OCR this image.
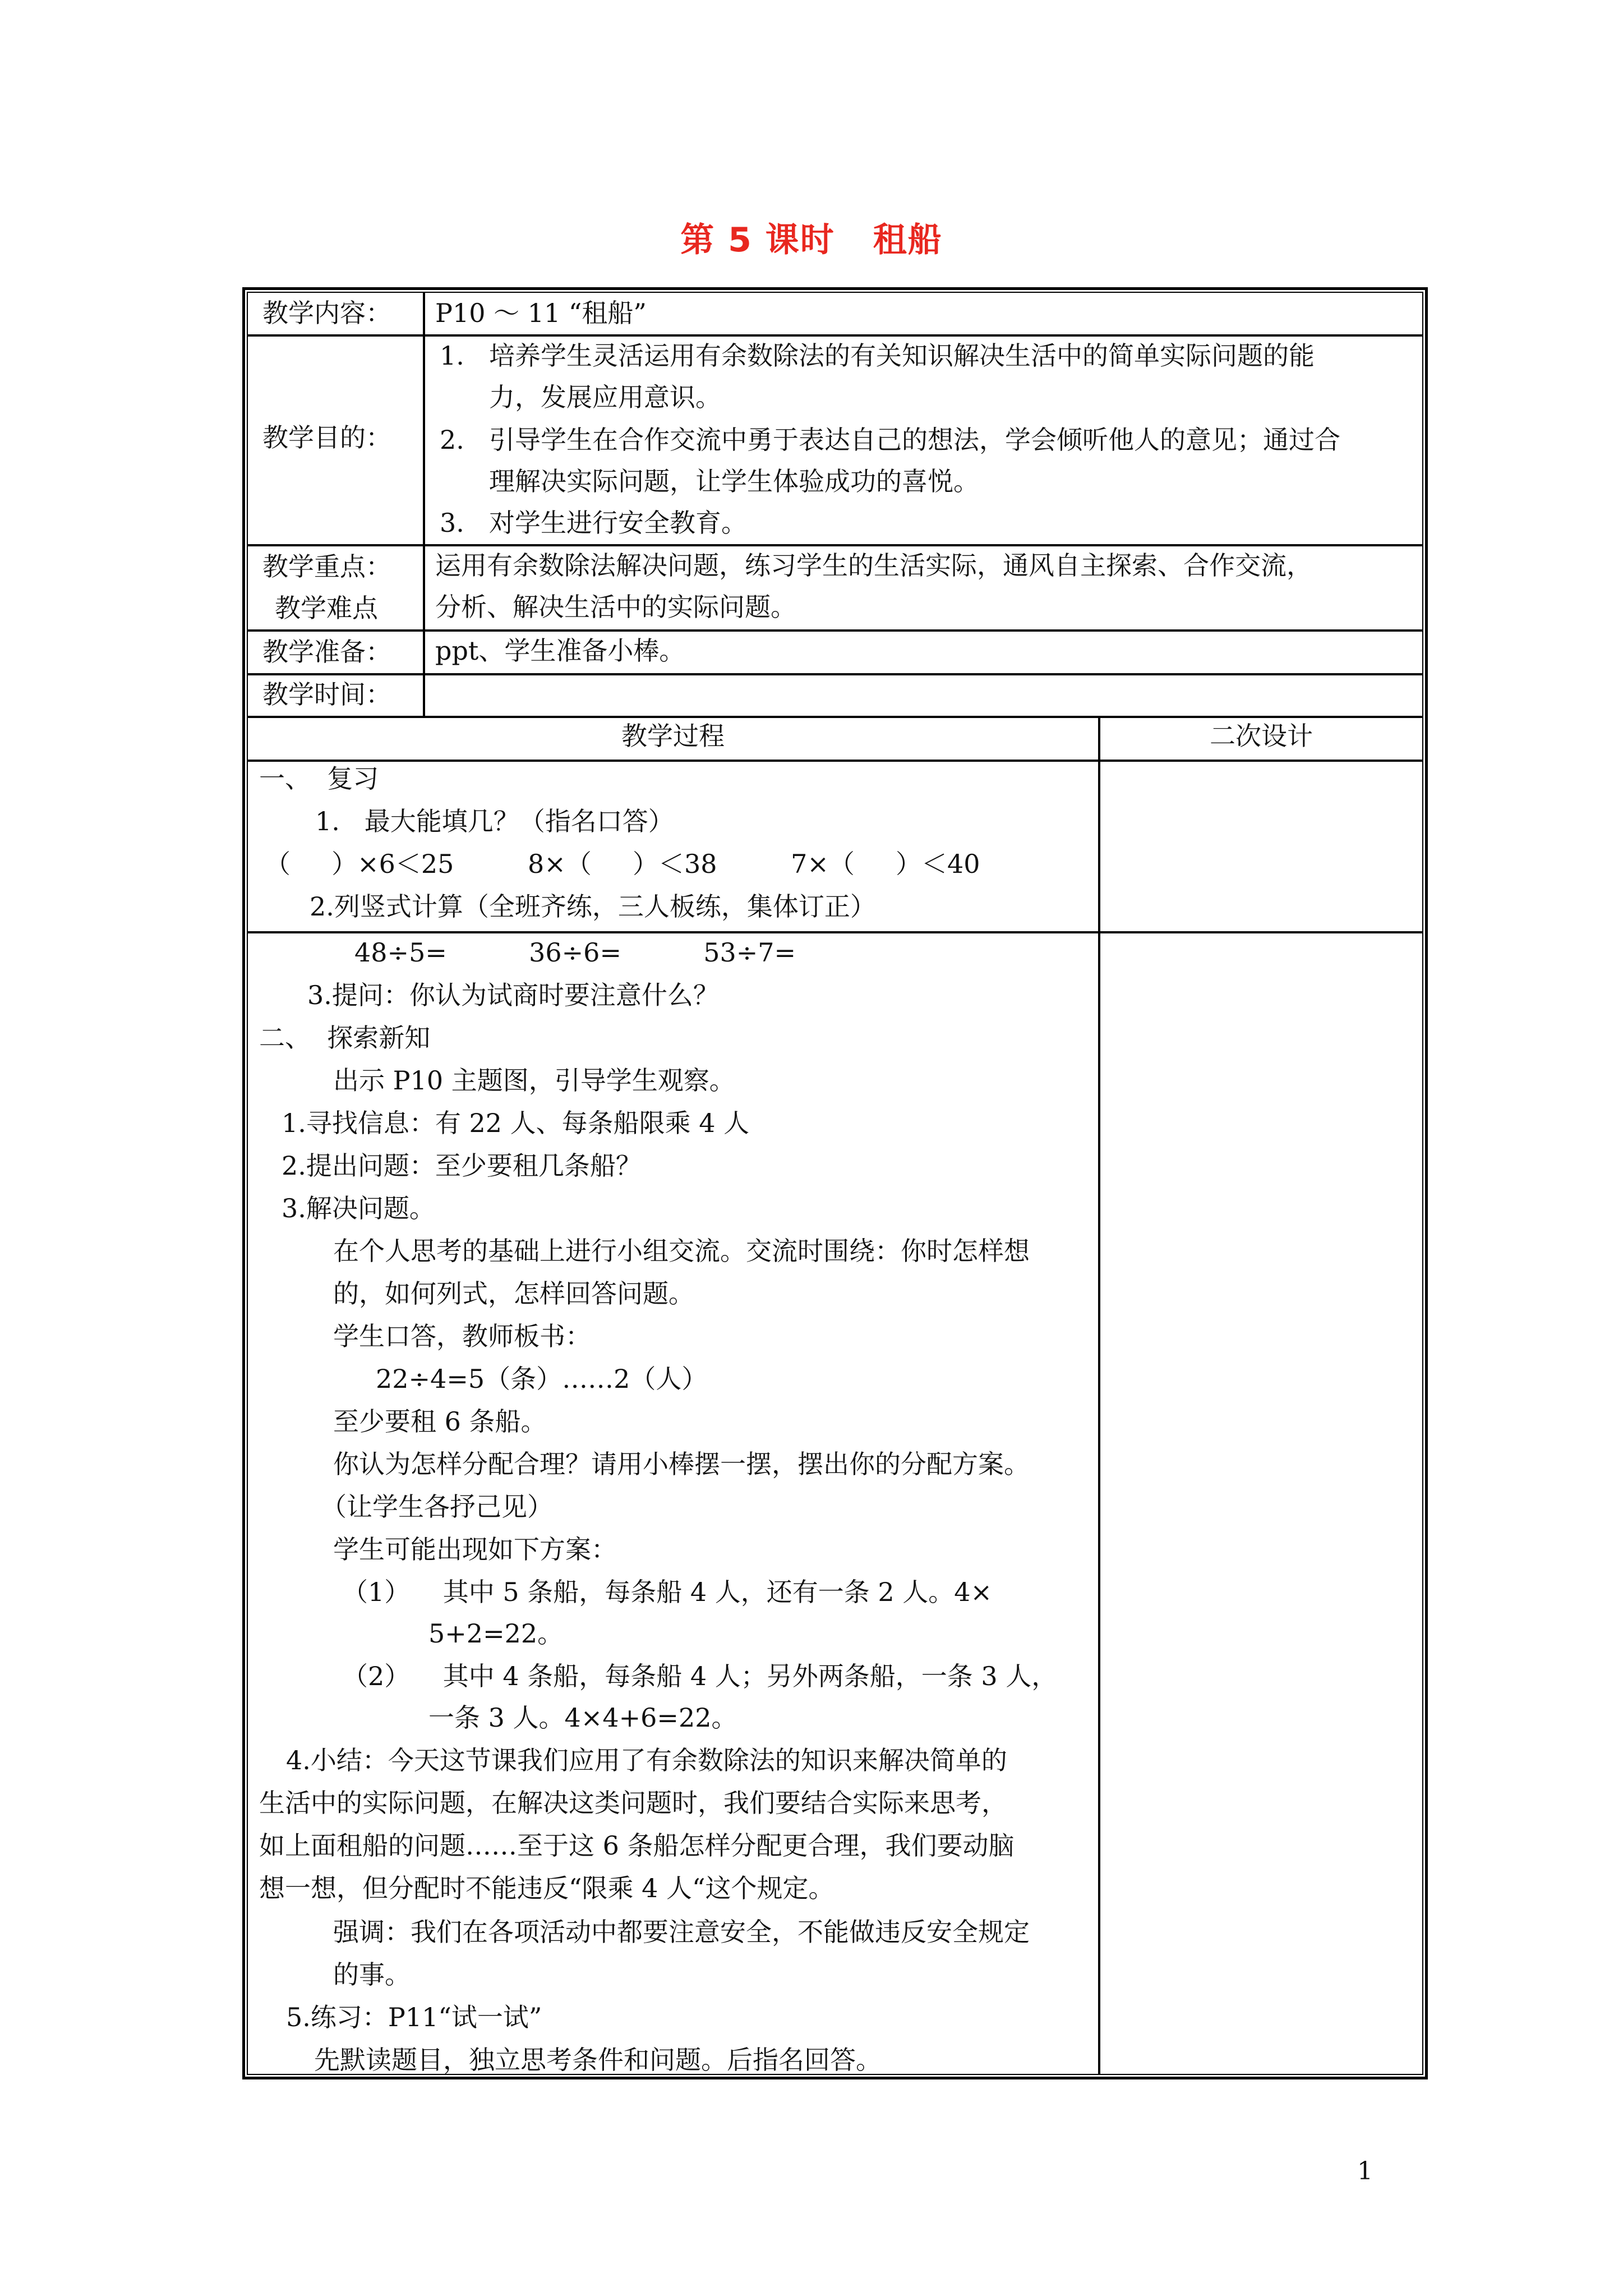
第 5 课时 租船
教学内容： P10 ～ 11 “租船”
教学目的：
1. 培养学生灵活运用有余数除法的有关知识解决生活中的简单实际问题的能
力，发展应用意识。
2. 引导学生在合作交流中勇于表达自己的想法，学会倾听他人的意见；通过合
理解决实际问题，让学生体验成功的喜悦。
3. 对学生进行安全教育。
教学重点：
教学难点
运用有余数除法解决问题，练习学生的生活实际，通风自主探索、合作交流，
分析、解决生活中的实际问题。
教学准备： ppt、学生准备小棒。
教学时间：
教学过程	二次设计
一、  复习
1.   最大能填几？（指名口答）
（     ）×6＜25         8×（     ）＜38         7×（     ）＜40
2.列竖式计算（全班齐练，三人板练，集体订正）
48÷5=          36÷6=          53÷7=
3.提问：你认为试商时要注意什么？
二、  探索新知
出示 P10 主题图，引导学生观察。
1.寻找信息：有 22 人、每条船限乘 4 人
2.提出问题：至少要租几条船？
3.解决问题。
在个人思考的基础上进行小组交流。交流时围绕：你时怎样想
的，如何列式，怎样回答问题。
学生口答，教师板书：
22÷4=5（条）……2（人）
至少要租 6 条船。
你认为怎样分配合理？请用小棒摆一摆，摆出你的分配方案。
（让学生各抒己见）
学生可能出现如下方案：
（1）    其中 5 条船，每条船 4 人，还有一条 2 人。4×
5+2=22。
（2）    其中 4 条船，每条船 4 人；另外两条船，一条 3 人，
一条 3 人。4×4+6=22。
4.小结：今天这节课我们应用了有余数除法的知识来解决简单的
生活中的实际问题，在解决这类问题时，我们要结合实际来思考，
如上面租船的问题……至于这 6 条船怎样分配更合理，我们要动脑
想一想，但分配时不能违反“限乘 4 人“这个规定。
强调：我们在各项活动中都要注意安全，不能做违反安全规定
的事。
5.练习：P11“试一试”
先默读题目，独立思考条件和问题。后指名回答。
1
